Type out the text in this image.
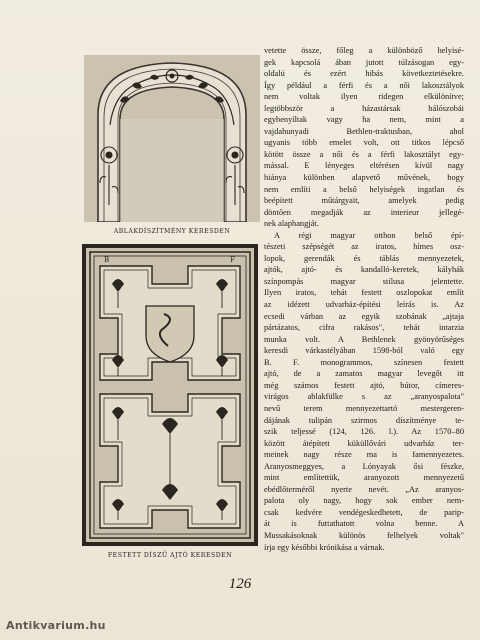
ABLAKDÍSZÍTMÉNY KERESDEN
B	F
FESTETT DÍSZŰ AJTÓ KERESDEN
vetette össze, főleg a különböző helyisé-
gek kapcsolá ában jutott túlzásogan egy-
oldalú és ezért hibás következtetésekre.
Így például a férfi és a női lakosztályok
nem voltak ilyen ridegen elkülönítve;
legtöbbször a házastársak hálószobái
egybenyíltak vagy ha nem, mint a
vajdahunyadi Bethlen-traktusban, ahol
ugyanis több emelet volt, ott titkos lépcső
kötött össze a női és a férfi lakosztályt egy-
mással. E lényeges eltérésen kívül nagy
hiánya különben alapvető művének, hogy
nem említi a belső helyiségek ingatlan és
beépített műtárgyait, amelyek pedig
döntően megadják az interieur jellegé-
nek alaphangját.
A régi magyar otthon belső épí-
tészeti szépségét az iratos, hímes osz-
lopok, gerendák és táblás mennyezetek,
ajtók, ajtó- és kandalló-keretek, kályhák
színpompás magyar stílusa jelentette.
Ilyen iratos, tehát festett oszlopokat említ
az idézett udvarház-építési leírás is. Az
ecsedi várban az egyik szobának „ajtaja
pártázatos, cifra rakásos", tehát intarzia
munka volt. A Bethlenek gyönyörűséges
keresdi várkastélyában 1598-ból való egy
B. F. monogrammos, színesen festett
ajtó, de a zamatos magyar levegőt itt
még számos festett ajtó, bútor, címeres-
virágos ablakfülke s az „aranyospalota"
nevű terem mennyezettartó mestergeren-
dájának tulipán szirmos díszítménye te-
szik teljessé (124, 126. l.). Az 1570–80
között átépített küküllővári udvarház ter-
meinek nagy része ma is famennyezetes.
Aranyosmeggyes, a Lónyayak ősi fészke,
mint említettük, aranyozott mennyezetű
ebédlőterméről nyerte nevét. „Az aranyos-
palota oly nagy, hogy sok ember nem-
csak kedvére vendégeskedhetett, de parip-
át is futtathatott volna benne. A
Mussakásoknak különös felhelyek voltak"
írja egy későbbi krónikása a várnak.
126
Antikvarium.hu
